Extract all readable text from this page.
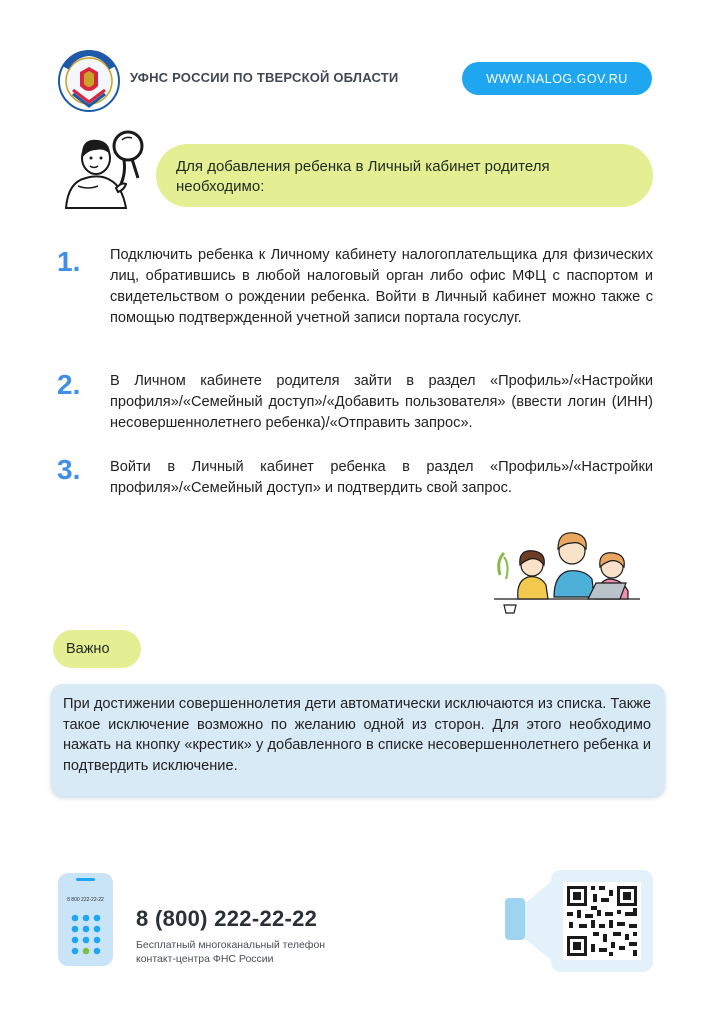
УФНС РОССИИ ПО ТВЕРСКОЙ ОБЛАСТИ	WWW.NALOG.GOV.RU
Для добавления ребенка в Личный кабинет родителя необходимо:
1. Подключить ребенка к Личному кабинету налогоплательщика для физических лиц, обратившись в любой налоговый орган либо офис МФЦ с паспортом и свидетельством о рождении ребенка. Войти в Личный кабинет можно также с помощью подтвержденной учетной записи портала госуслуг.
2. В Личном кабинете родителя зайти в раздел «Профиль»/«Настройки профиля»/«Семейный доступ»/«Добавить пользователя» (ввести логин (ИНН) несовершеннолетнего ребенка)/«Отправить запрос».
3. Войти в Личный кабинет ребенка в раздел «Профиль»/«Настройки профиля»/«Семейный доступ» и подтвердить свой запрос.
Важно
При достижении совершеннолетия дети автоматически исключаются из списка. Также такое исключение возможно по желанию одной из сторон. Для этого необходимо нажать на кнопку «крестик» у добавленного в списке несовершеннолетнего ребенка и подтвердить исключение.
8 800 222-22-22
8 (800) 222-22-22
Бесплатный многоканальный телефон
контакт-центра ФНС России
